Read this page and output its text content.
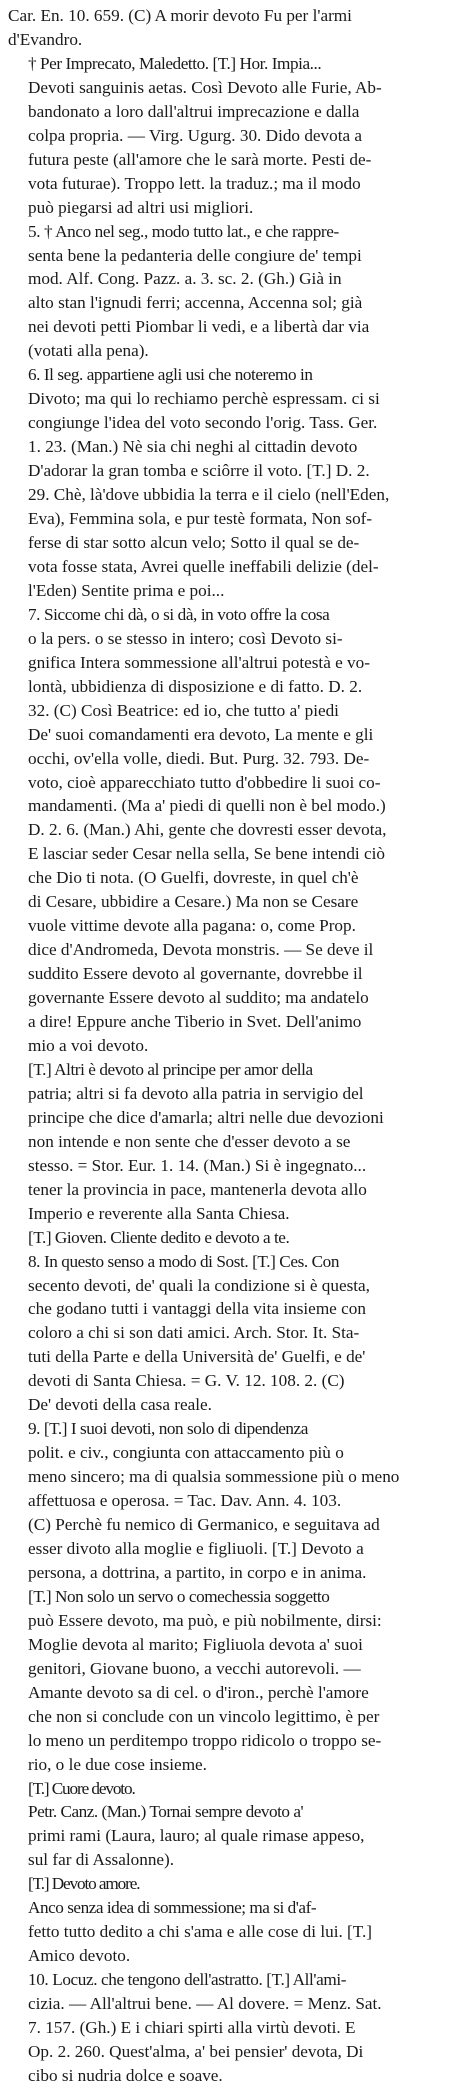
Car. En. 10. 659. (C) A morir devoto Fu per l'armi
d'Evandro.
† Per Imprecato, Maledetto. [T.] Hor. Impia...
Devoti sanguinis aetas. Così Devoto alle Furie, Ab-
bandonato a loro dall'altrui imprecazione e dalla
colpa propria. — Virg. Ugurg. 30. Dido devota a
futura peste (all'amore che le sarà morte. Pesti de-
vota futurae). Troppo lett. la traduz.; ma il modo
può piegarsi ad altri usi migliori.
5. † Anco nel seg., modo tutto lat., e che rappre-
senta bene la pedanteria delle congiure de' tempi
mod. Alf. Cong. Pazz. a. 3. sc. 2. (Gh.) Già in
alto stan l'ignudi ferri; accenna, Accenna sol; già
nei devoti petti Piombar li vedi, e a libertà dar via
(votati alla pena).
6. Il seg. appartiene agli usi che noteremo in
Divoto; ma qui lo rechiamo perchè espressam. ci si
congiunge l'idea del voto secondo l'orig. Tass. Ger.
1. 23. (Man.) Nè sia chi neghi al cittadin devoto
D'adorar la gran tomba e sciôrre il voto. [T.] D. 2.
29. Chè, là'dove ubbidia la terra e il cielo (nell'Eden,
Eva), Femmina sola, e pur testè formata, Non sof-
ferse di star sotto alcun velo; Sotto il qual se de-
vota fosse stata, Avrei quelle ineffabili delizie (del-
l'Eden) Sentite prima e poi...
7. Siccome chi dà, o si dà, in voto offre la cosa
o la pers. o se stesso in intero; così Devoto si-
gnifica Intera sommessione all'altrui potestà e vo-
lontà, ubbidienza di disposizione e di fatto. D. 2.
32. (C) Così Beatrice: ed io, che tutto a' piedi
De' suoi comandamenti era devoto, La mente e gli
occhi, ov'ella volle, diedi. But. Purg. 32. 793. De-
voto, cioè apparecchiato tutto d'obbedire li suoi co-
mandamenti. (Ma a' piedi di quelli non è bel modo.)
D. 2. 6. (Man.) Ahi, gente che dovresti esser devota,
E lasciar seder Cesar nella sella, Se bene intendi ciò
che Dio ti nota. (O Guelfi, dovreste, in quel ch'è
di Cesare, ubbidire a Cesare.) Ma non se Cesare
vuole vittime devote alla pagana: o, come Prop.
dice d'Andromeda, Devota monstris. — Se deve il
suddito Essere devoto al governante, dovrebbe il
governante Essere devoto al suddito; ma andatelo
a dire! Eppure anche Tiberio in Svet. Dell'animo
mio a voi devoto.
[T.] Altri è devoto al principe per amor della
patria; altri si fa devoto alla patria in servigio del
principe che dice d'amarla; altri nelle due devozioni
non intende e non sente che d'esser devoto a se
stesso. = Stor. Eur. 1. 14. (Man.) Si è ingegnato...
tener la provincia in pace, mantenerla devota allo
Imperio e reverente alla Santa Chiesa.
[T.] Gioven. Cliente dedito e devoto a te.
8. In questo senso a modo di Sost. [T.] Ces. Con
secento devoti, de' quali la condizione si è questa,
che godano tutti i vantaggi della vita insieme con
coloro a chi si son dati amici. Arch. Stor. It. Sta-
tuti della Parte e della Università de' Guelfi, e de'
devoti di Santa Chiesa. = G. V. 12. 108. 2. (C)
De' devoti della casa reale.
9. [T.] I suoi devoti, non solo di dipendenza
polit. e civ., congiunta con attaccamento più o
meno sincero; ma di qualsia sommessione più o meno
affettuosa e operosa. = Tac. Dav. Ann. 4. 103.
(C) Perchè fu nemico di Germanico, e seguitava ad
esser divoto alla moglie e figliuoli. [T.] Devoto a
persona, a dottrina, a partito, in corpo e in anima.
[T.] Non solo un servo o comechessia soggetto
può Essere devoto, ma può, e più nobilmente, dirsi:
Moglie devota al marito; Figliuola devota a' suoi
genitori, Giovane buono, a vecchi autorevoli. —
Amante devoto sa di cel. o d'iron., perchè l'amore
che non si conclude con un vincolo legittimo, è per
lo meno un perditempo troppo ridicolo o troppo se-
rio, o le due cose insieme.
[T.] Cuore devoto.
Petr. Canz. (Man.) Tornai sempre devoto a'
primi rami (Laura, lauro; al quale rimase appeso,
sul far di Assalonne).
[T.] Devoto amore.
Anco senza idea di sommessione; ma si d'af-
fetto tutto dedito a chi s'ama e alle cose di lui. [T.]
Amico devoto.
10. Locuz. che tengono dell'astratto. [T.] All'ami-
cizia. — All'altrui bene. — Al dovere. = Menz. Sat.
7. 157. (Gh.) E i chiari spirti alla virtù devoti. E
Op. 2. 260. Quest'alma, a' bei pensier' devota, Di
cibo si nudria dolce e soave.
